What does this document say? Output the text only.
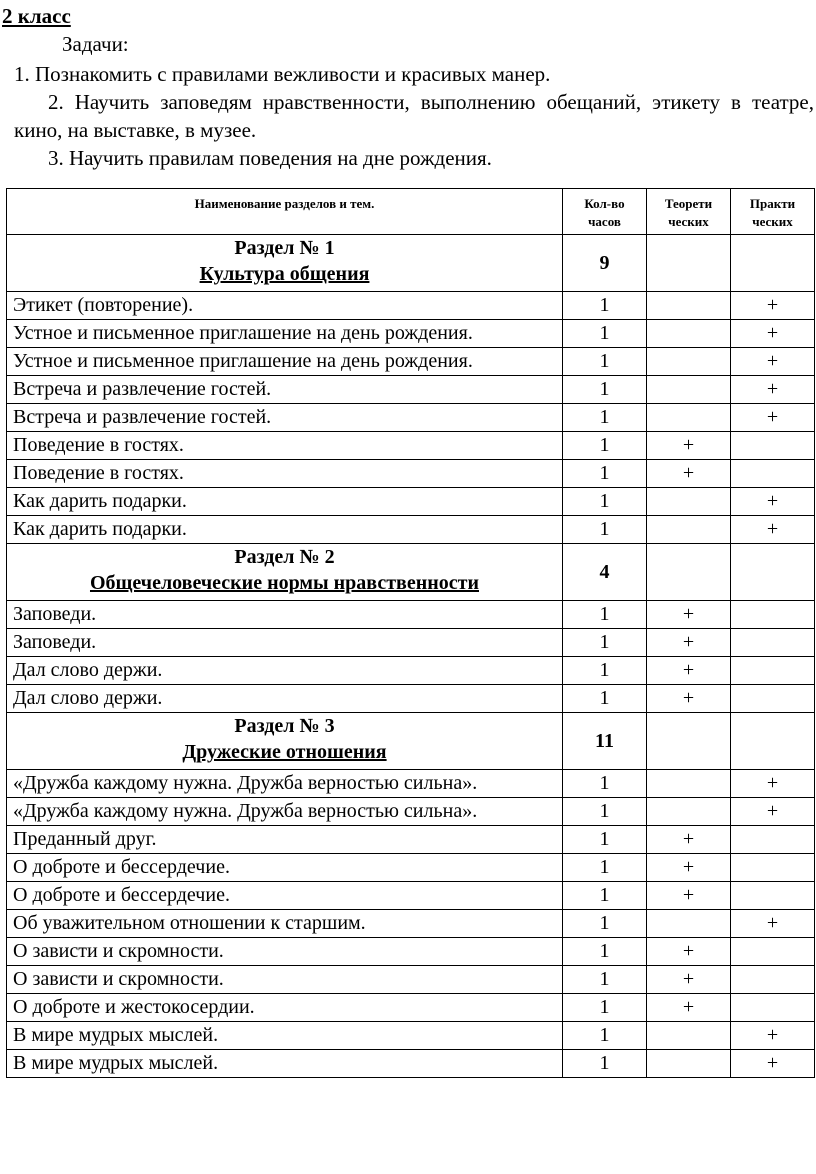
2 класс
Задачи:
1. Познакомить с правилами вежливости и красивых манер.
2. Научить заповедям нравственности, выполнению обещаний, этикету в театре, кино, на выставке, в музее.
3. Научить правилам поведения на дне рождения.
Наименование разделов и тем.	Кол-во часов	Теорети ческих	Практи ческих

Раздел № 1
Культура общения	9		
Этикет (повторение).	1		+
Устное и письменное приглашение на день рождения.	1		+
Устное и письменное приглашение на день рождения.	1		+
Встреча и развлечение гостей.	1		+
Встреча и развлечение гостей.	1		+
Поведение в гостях.	1	+	
Поведение в гостях.	1	+	
Как дарить подарки.	1		+
Как дарить подарки.	1		+

Раздел № 2
Общечеловеческие нормы нравственности	4		
Заповеди.	1	+	
Заповеди.	1	+	
Дал слово держи.	1	+	
Дал слово держи.	1	+	

Раздел № 3
Дружеские отношения	11		
«Дружба каждому нужна. Дружба верностью сильна».	1		+
«Дружба каждому нужна. Дружба верностью сильна».	1		+
Преданный друг.	1	+	
О доброте и бессердечие.	1	+	
О доброте и бессердечие.	1	+	
Об уважительном отношении к старшим.	1		+
О зависти и скромности.	1	+	
О зависти и скромности.	1	+	
О доброте и жестокосердии.	1	+	
В мире мудрых мыслей.	1		+
В мире мудрых мыслей.	1		+
